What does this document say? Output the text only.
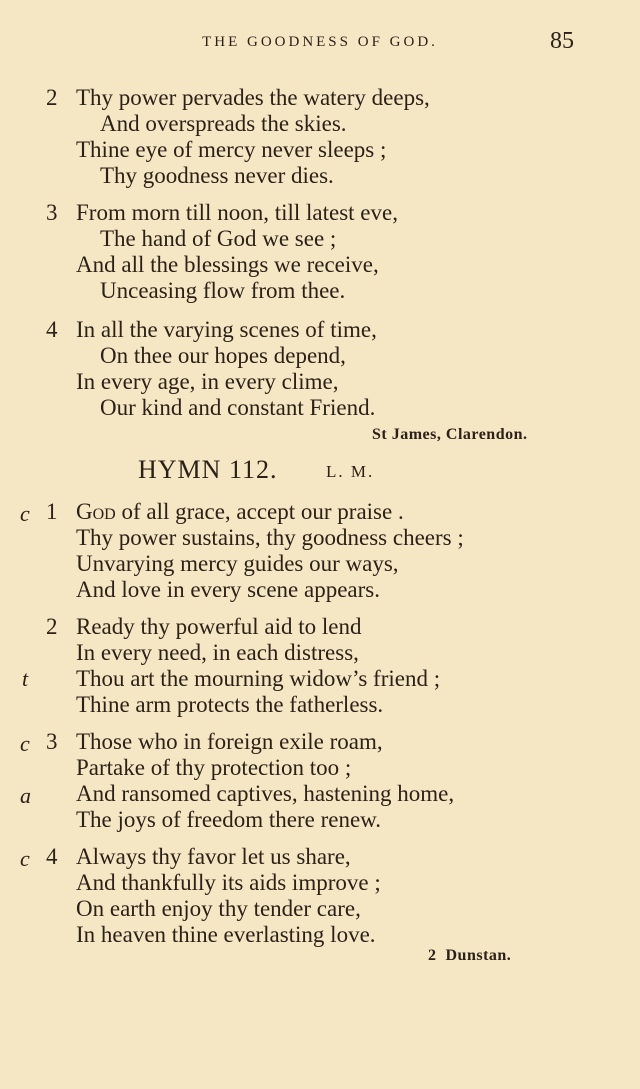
THE GOODNESS OF GOD.	85
2 Thy power pervades the watery deeps,
And overspreads the skies.
Thine eye of mercy never sleeps ;
Thy goodness never dies.
3 From morn till noon, till latest eve,
The hand of God we see ;
And all the blessings we receive,
Unceasing flow from thee.
4 In all the varying scenes of time,
On thee our hopes depend,
In every age, in every clime,
Our kind and constant Friend.
St James, Clarendon.
HYMN 112.	L. M.
c 1 God of all grace, accept our praise .
Thy power sustains, thy goodness cheers ;
Unvarying mercy guides our ways,
And love in every scene appears.
2 Ready thy powerful aid to lend
In every need, in each distress,
t Thou art the mourning widow’s friend ;
Thine arm protects the fatherless.
c 3 Those who in foreign exile roam,
Partake of thy protection too ;
a And ransomed captives, hastening home,
The joys of freedom there renew.
c 4 Always thy favor let us share,
And thankfully its aids improve ;
On earth enjoy thy tender care,
In heaven thine everlasting love.
2  Dunstan.
